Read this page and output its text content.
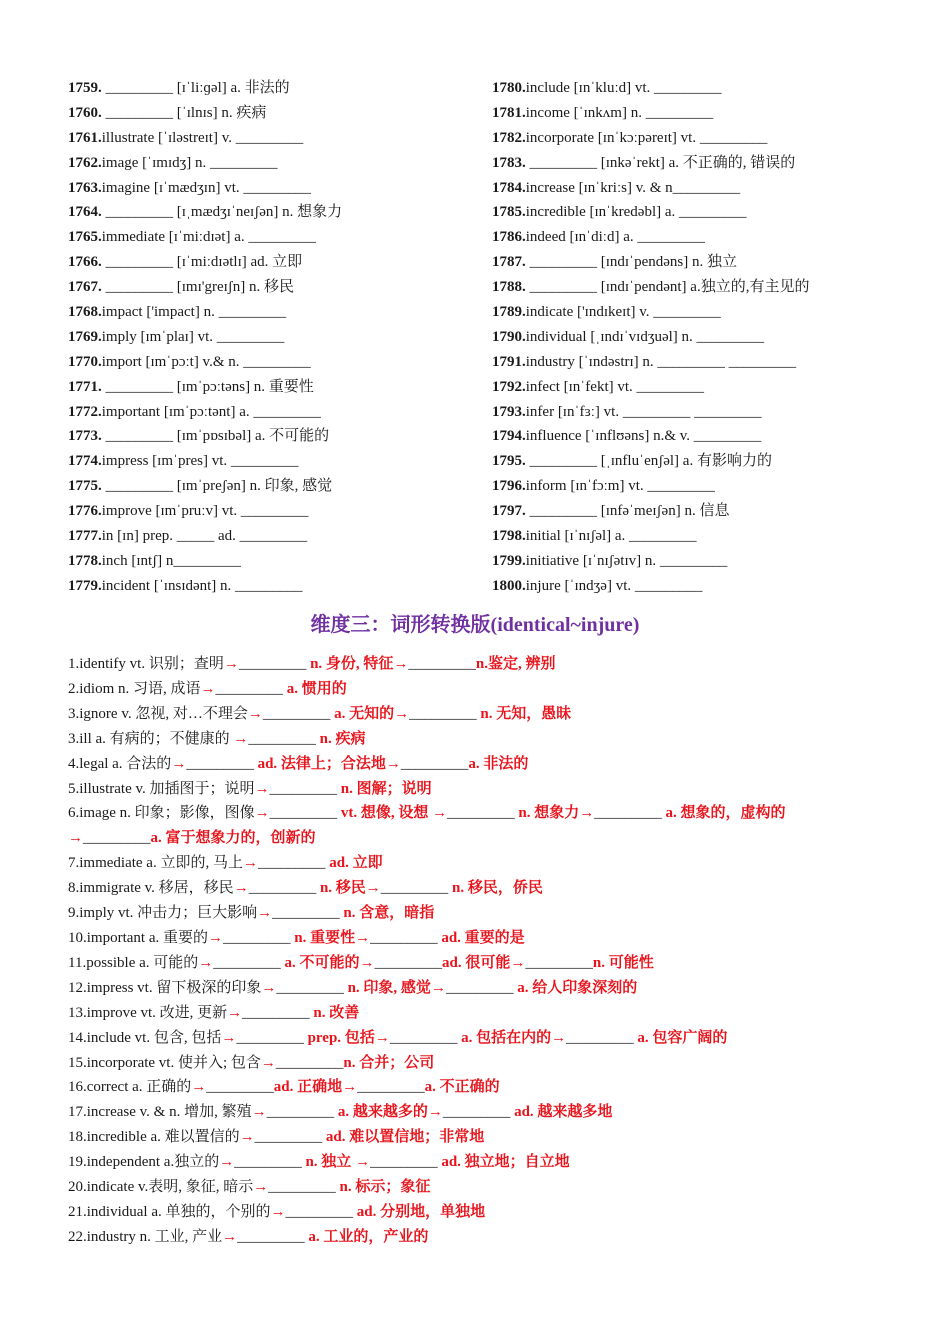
1759. _________ [ɪˈliːɡəl] a. 非法的
1760. _________ [ˈɪlnɪs] n. 疾病
1761.illustrate [ˈɪləstreɪt] v. _________
1762.image [ˈɪmɪdʒ] n. _________
1763.imagine [ɪˈmædʒɪn] vt. _________
1764. _________ [ɪˌmædʒɪˈneɪʃən] n. 想象力
1765.immediate [ɪˈmiːdɪət] a. _________
1766. _________ [ɪˈmiːdɪətlɪ] ad. 立即
1767. _________ [ɪmɪ'greɪʃn] n. 移民
1768.impact ['impact] n. _________
1769.imply [ɪmˈplaɪ] vt. _________
1770.import [ɪmˈpɔːt] v.& n. _________
1771. _________ [ɪmˈpɔːtəns] n. 重要性
1772.important [ɪmˈpɔːtənt] a. _________
1773. _________ [ɪmˈpɒsɪbəl] a. 不可能的
1774.impress [ɪmˈpres] vt. _________
1775. _________ [ɪmˈpreʃən] n. 印象, 感觉
1776.improve [ɪmˈpruːv] vt. _________
1777.in [ɪn] prep. _____ ad. _________
1778.inch [ɪntʃ] n_________
1779.incident [ˈɪnsɪdənt] n. _________
1780.include [ɪnˈkluːd] vt. _________
1781.income [ˈɪnkʌm] n. _________
1782.incorporate [ɪnˈkɔːpəreɪt] vt. _________
1783. _________ [ɪnkəˈrekt] a. 不正确的, 错误的
1784.increase [ɪnˈkriːs] v. & n_________
1785.incredible [ɪnˈkredəbl] a. _________
1786.indeed [ɪnˈdiːd] a. _________
1787. _________ [ɪndɪˈpendəns] n. 独立
1788. _________ [ɪndɪˈpendənt] a.独立的,有主见的
1789.indicate ['ɪndɪkeɪt] v. _________
1790.individual [ˌɪndɪˈvɪdʒuəl] n. _________
1791.industry [ˈɪndəstrɪ] n. _________ _________
1792.infect [ɪnˈfekt] vt. _________
1793.infer [ɪnˈfɜː] vt. _________ _________
1794.influence [ˈɪnflʊəns] n.& v. _________
1795. _________ [ˌɪnfluˈenʃəl] a. 有影响力的
1796.inform [ɪnˈfɔːm] vt. _________
1797. _________ [ɪnfəˈmeɪʃən] n. 信息
1798.initial [ɪˈnɪʃəl] a. _________
1799.initiative [ɪˈnɪʃətɪv] n. _________
1800.injure [ˈɪndʒə] vt. _________
维度三：词形转换版(identical~injure)
1.identify vt. 识别；查明→_________ n. 身份, 特征→_________n.鉴定, 辨别
2.idiom n. 习语, 成语→_________ a. 惯用的
3.ignore v. 忽视, 对…不理会→_________ a. 无知的→_________ n. 无知，愚昧
3.ill a. 有病的；不健康的 →_________ n. 疾病
4.legal a. 合法的→_________ ad. 法律上；合法地→_________a. 非法的
5.illustrate v. 加插图于；说明→_________ n. 图解；说明
6.image n. 印象；影像，图像→_________ vt. 想像, 设想 →_________ n. 想象力→_________ a. 想象的，虚构的
→_________a. 富于想象力的，创新的
7.immediate a. 立即的, 马上→_________ ad. 立即
8.immigrate v. 移居，移民→_________ n. 移民→_________ n. 移民，侨民
9.imply vt. 冲击力；巨大影响→_________ n. 含意，暗指
10.important a. 重要的→_________ n. 重要性→_________ ad. 重要的是
11.possible a. 可能的→_________ a. 不可能的→_________ad. 很可能→_________n. 可能性
12.impress vt. 留下极深的印象→_________ n. 印象, 感觉→_________ a. 给人印象深刻的
13.improve vt. 改进, 更新→_________ n. 改善
14.include vt. 包含, 包括→_________ prep. 包括→_________ a. 包括在内的→_________ a. 包容广阔的
15.incorporate vt. 使并入; 包含→_________n. 合并；公司
16.correct a. 正确的→_________ad. 正确地→_________a. 不正确的
17.increase v. & n. 增加, 繁殖→_________ a. 越来越多的→_________ ad. 越来越多地
18.incredible a. 难以置信的→_________ ad. 难以置信地；非常地
19.independent a.独立的→_________ n. 独立 →_________ ad. 独立地；自立地
20.indicate v.表明, 象征, 暗示→_________ n. 标示；象征
21.individual a. 单独的，个别的→_________ ad. 分别地，单独地
22.industry n. 工业, 产业→_________ a. 工业的，产业的
